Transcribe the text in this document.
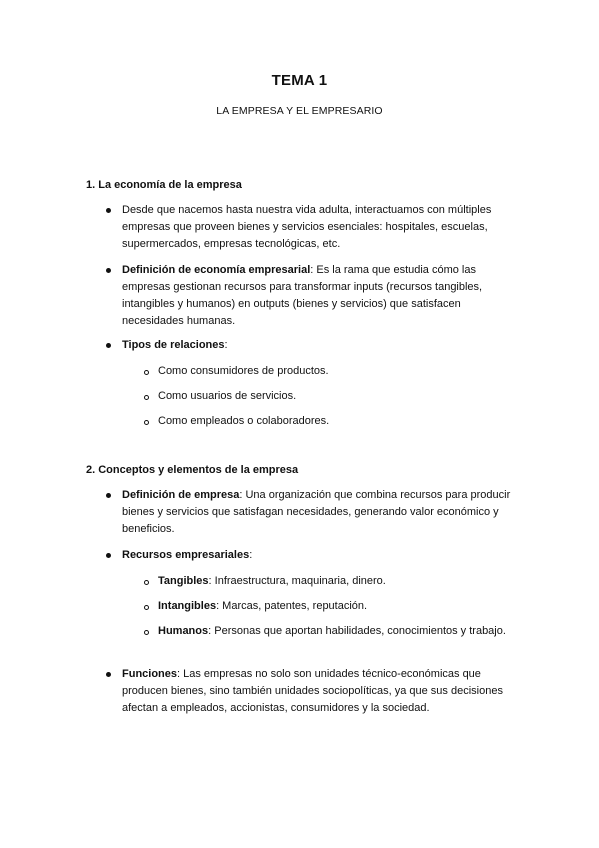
TEMA 1
LA EMPRESA Y EL EMPRESARIO
1. La economía de la empresa
Desde que nacemos hasta nuestra vida adulta, interactuamos con múltiples empresas que proveen bienes y servicios esenciales: hospitales, escuelas, supermercados, empresas tecnológicas, etc.
Definición de economía empresarial: Es la rama que estudia cómo las empresas gestionan recursos para transformar inputs (recursos tangibles, intangibles y humanos) en outputs (bienes y servicios) que satisfacen necesidades humanas.
Tipos de relaciones:
Como consumidores de productos.
Como usuarios de servicios.
Como empleados o colaboradores.
2. Conceptos y elementos de la empresa
Definición de empresa: Una organización que combina recursos para producir bienes y servicios que satisfagan necesidades, generando valor económico y beneficios.
Recursos empresariales:
Tangibles: Infraestructura, maquinaria, dinero.
Intangibles: Marcas, patentes, reputación.
Humanos: Personas que aportan habilidades, conocimientos y trabajo.
Funciones: Las empresas no solo son unidades técnico-económicas que producen bienes, sino también unidades sociopolíticas, ya que sus decisiones afectan a empleados, accionistas, consumidores y la sociedad.
